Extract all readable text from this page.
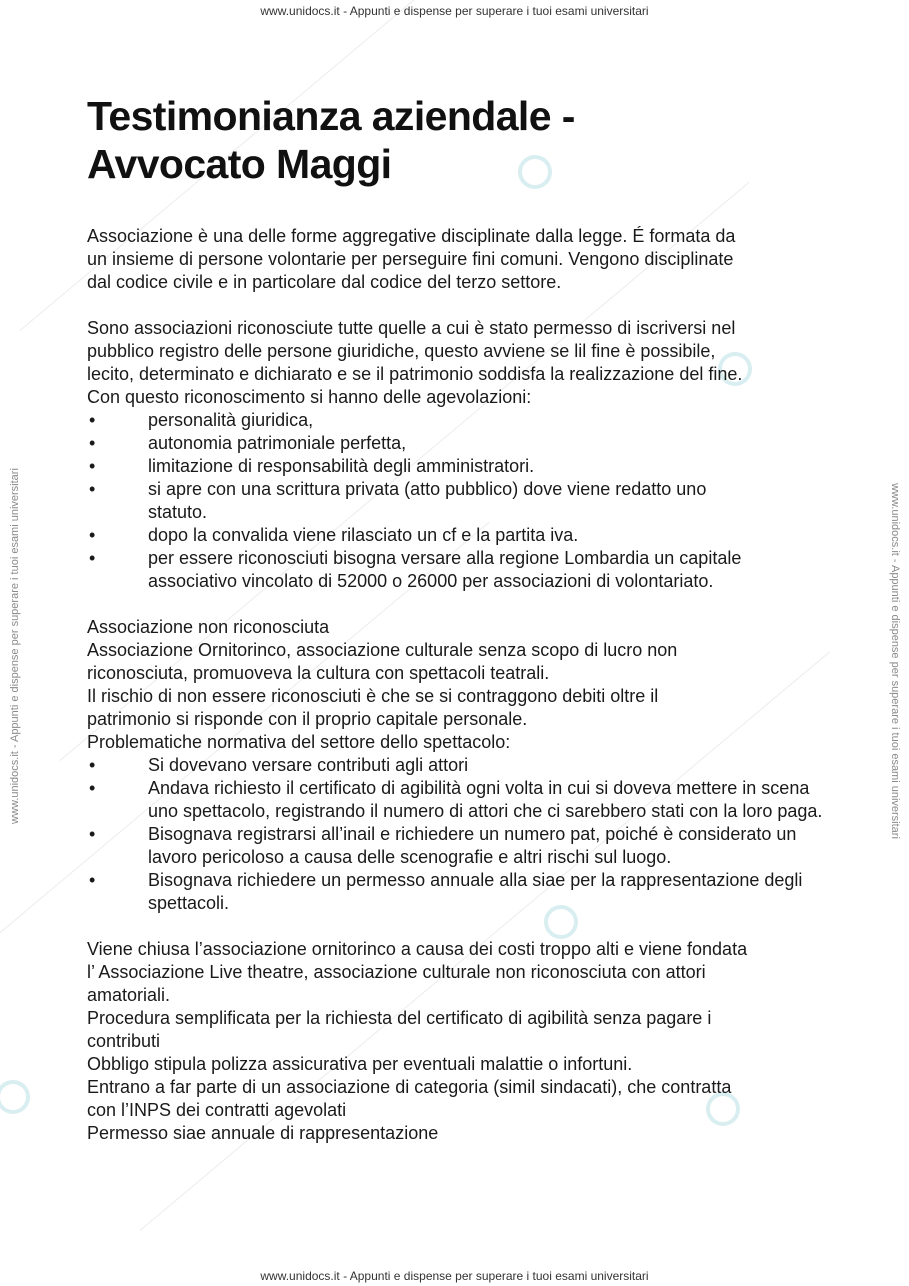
www.unidocs.it - Appunti e dispense per superare i tuoi esami universitari
www.unidocs.it - Appunti e dispense per superare i tuoi esami universitari
www.unidocs.it - Appunti e dispense per superare i tuoi esami universitari	www.unidocs.it - Appunti e dispense per superare i tuoi esami universitari
Testimonianza aziendale -
Avvocato Maggi
Associazione è una delle forme aggregative disciplinate dalla legge. É formata da
un insieme di persone volontarie per perseguire fini comuni. Vengono disciplinate
dal codice civile e in particolare dal codice del terzo settore.
Sono associazioni riconosciute tutte quelle a cui è stato permesso di iscriversi nel
pubblico registro delle persone giuridiche, questo avviene se lil fine è possibile,
lecito, determinato e dichiarato e se il patrimonio soddisfa la realizzazione del fine.
Con questo riconoscimento si hanno delle agevolazioni:
• personalità giuridica,
• autonomia patrimoniale perfetta,
• limitazione di responsabilità degli amministratori.
• si apre con una scrittura privata (atto pubblico) dove viene redatto uno statuto.
• dopo la convalida viene rilasciato un cf e la partita iva.
• per essere riconosciuti bisogna versare alla regione Lombardia un capitale associativo vincolato di 52000 o 26000 per associazioni di volontariato.
Associazione non riconosciuta
Associazione Ornitorinco, associazione culturale senza scopo di lucro non
riconosciuta, promuoveva la cultura con spettacoli teatrali.
Il rischio di non essere riconosciuti è che se si contraggono debiti oltre il
patrimonio si risponde con il proprio capitale personale.
Problematiche normativa del settore dello spettacolo:
• Si dovevano versare contributi agli attori
• Andava richiesto il certificato di agibilità ogni volta in cui si doveva mettere in scena uno spettacolo, registrando il numero di attori che ci sarebbero stati con la loro paga.
• Bisognava registrarsi all’inail e richiedere un numero pat, poiché è considerato un lavoro pericoloso a causa delle scenografie e altri rischi sul luogo.
• Bisognava richiedere un permesso annuale alla siae per la rappresentazione degli spettacoli.
Viene chiusa l’associazione ornitorinco a causa dei costi troppo alti e viene fondata
l’ Associazione Live theatre, associazione culturale non riconosciuta con attori
amatoriali.
Procedura semplificata per la richiesta del certificato di agibilità senza pagare i
contributi
Obbligo stipula polizza assicurativa per eventuali malattie o infortuni.
Entrano a far parte di un associazione di categoria (simil sindacati), che contratta
con l’INPS dei contratti agevolati
Permesso siae annuale di rappresentazione
